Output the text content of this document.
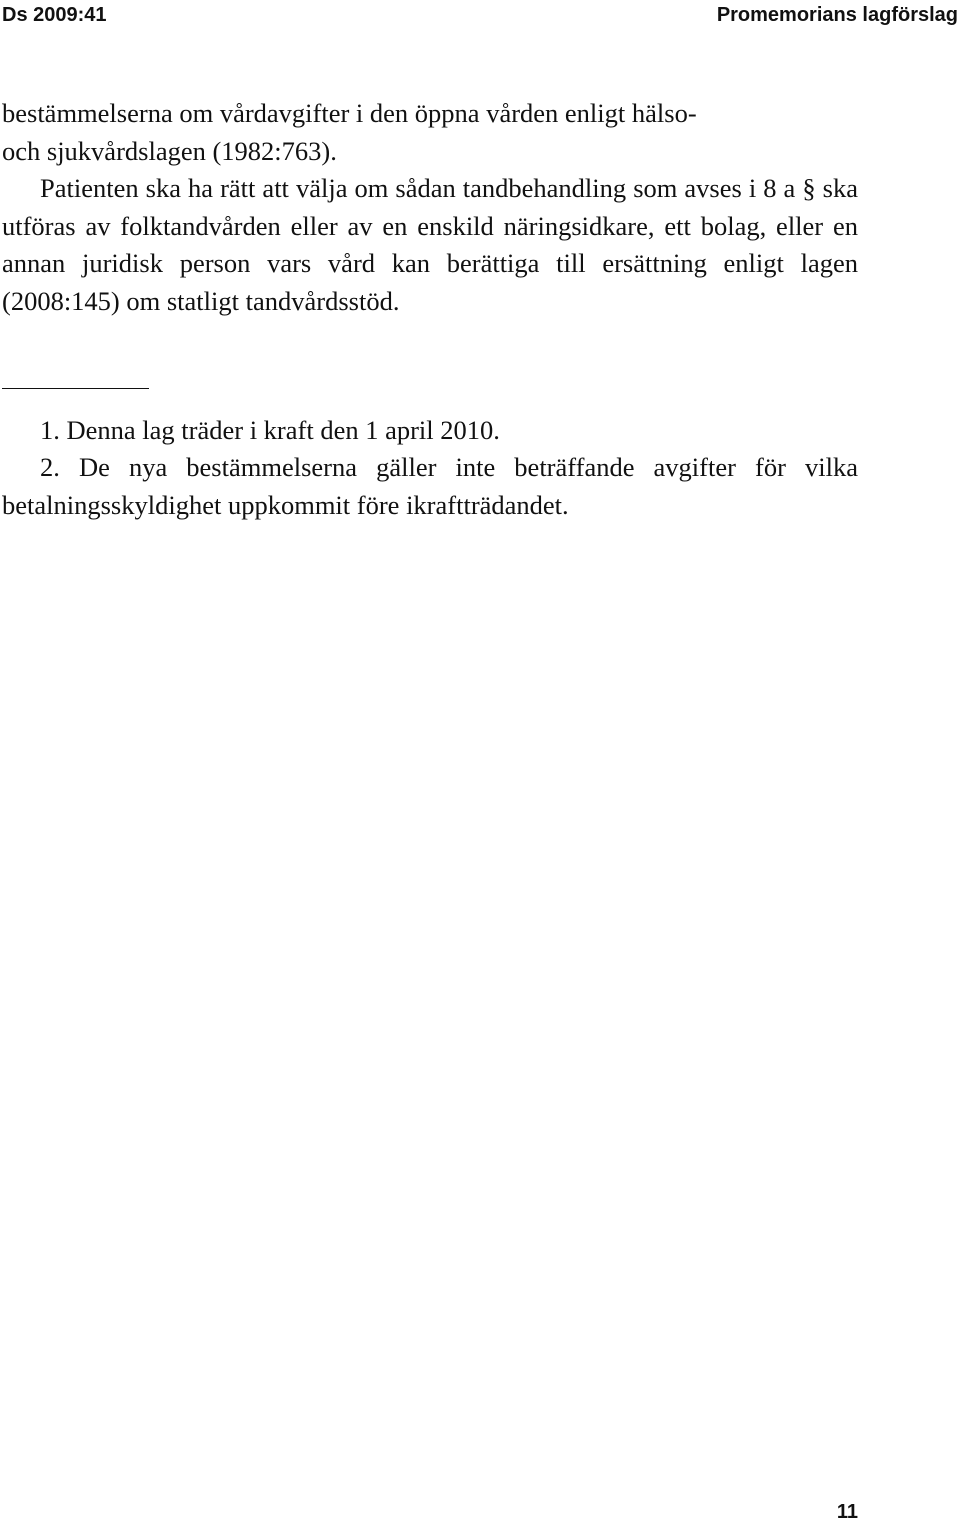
Ds 2009:41	Promemorians lagförslag
bestämmelserna om vårdavgifter i den öppna vården enligt hälso-
och sjukvårdslagen (1982:763).

Patienten ska ha rätt att välja om sådan tandbehandling som avses i 8 a § ska utföras av folktandvården eller av en enskild näringsidkare, ett bolag, eller en annan juridisk person vars vård kan berättiga till ersättning enligt lagen (2008:145) om statligt tandvårdsstöd.

1. Denna lag träder i kraft den 1 april 2010.

2. De nya bestämmelserna gäller inte beträffande avgifter för vilka betalningsskyldighet uppkommit före ikraftträdandet.

11
